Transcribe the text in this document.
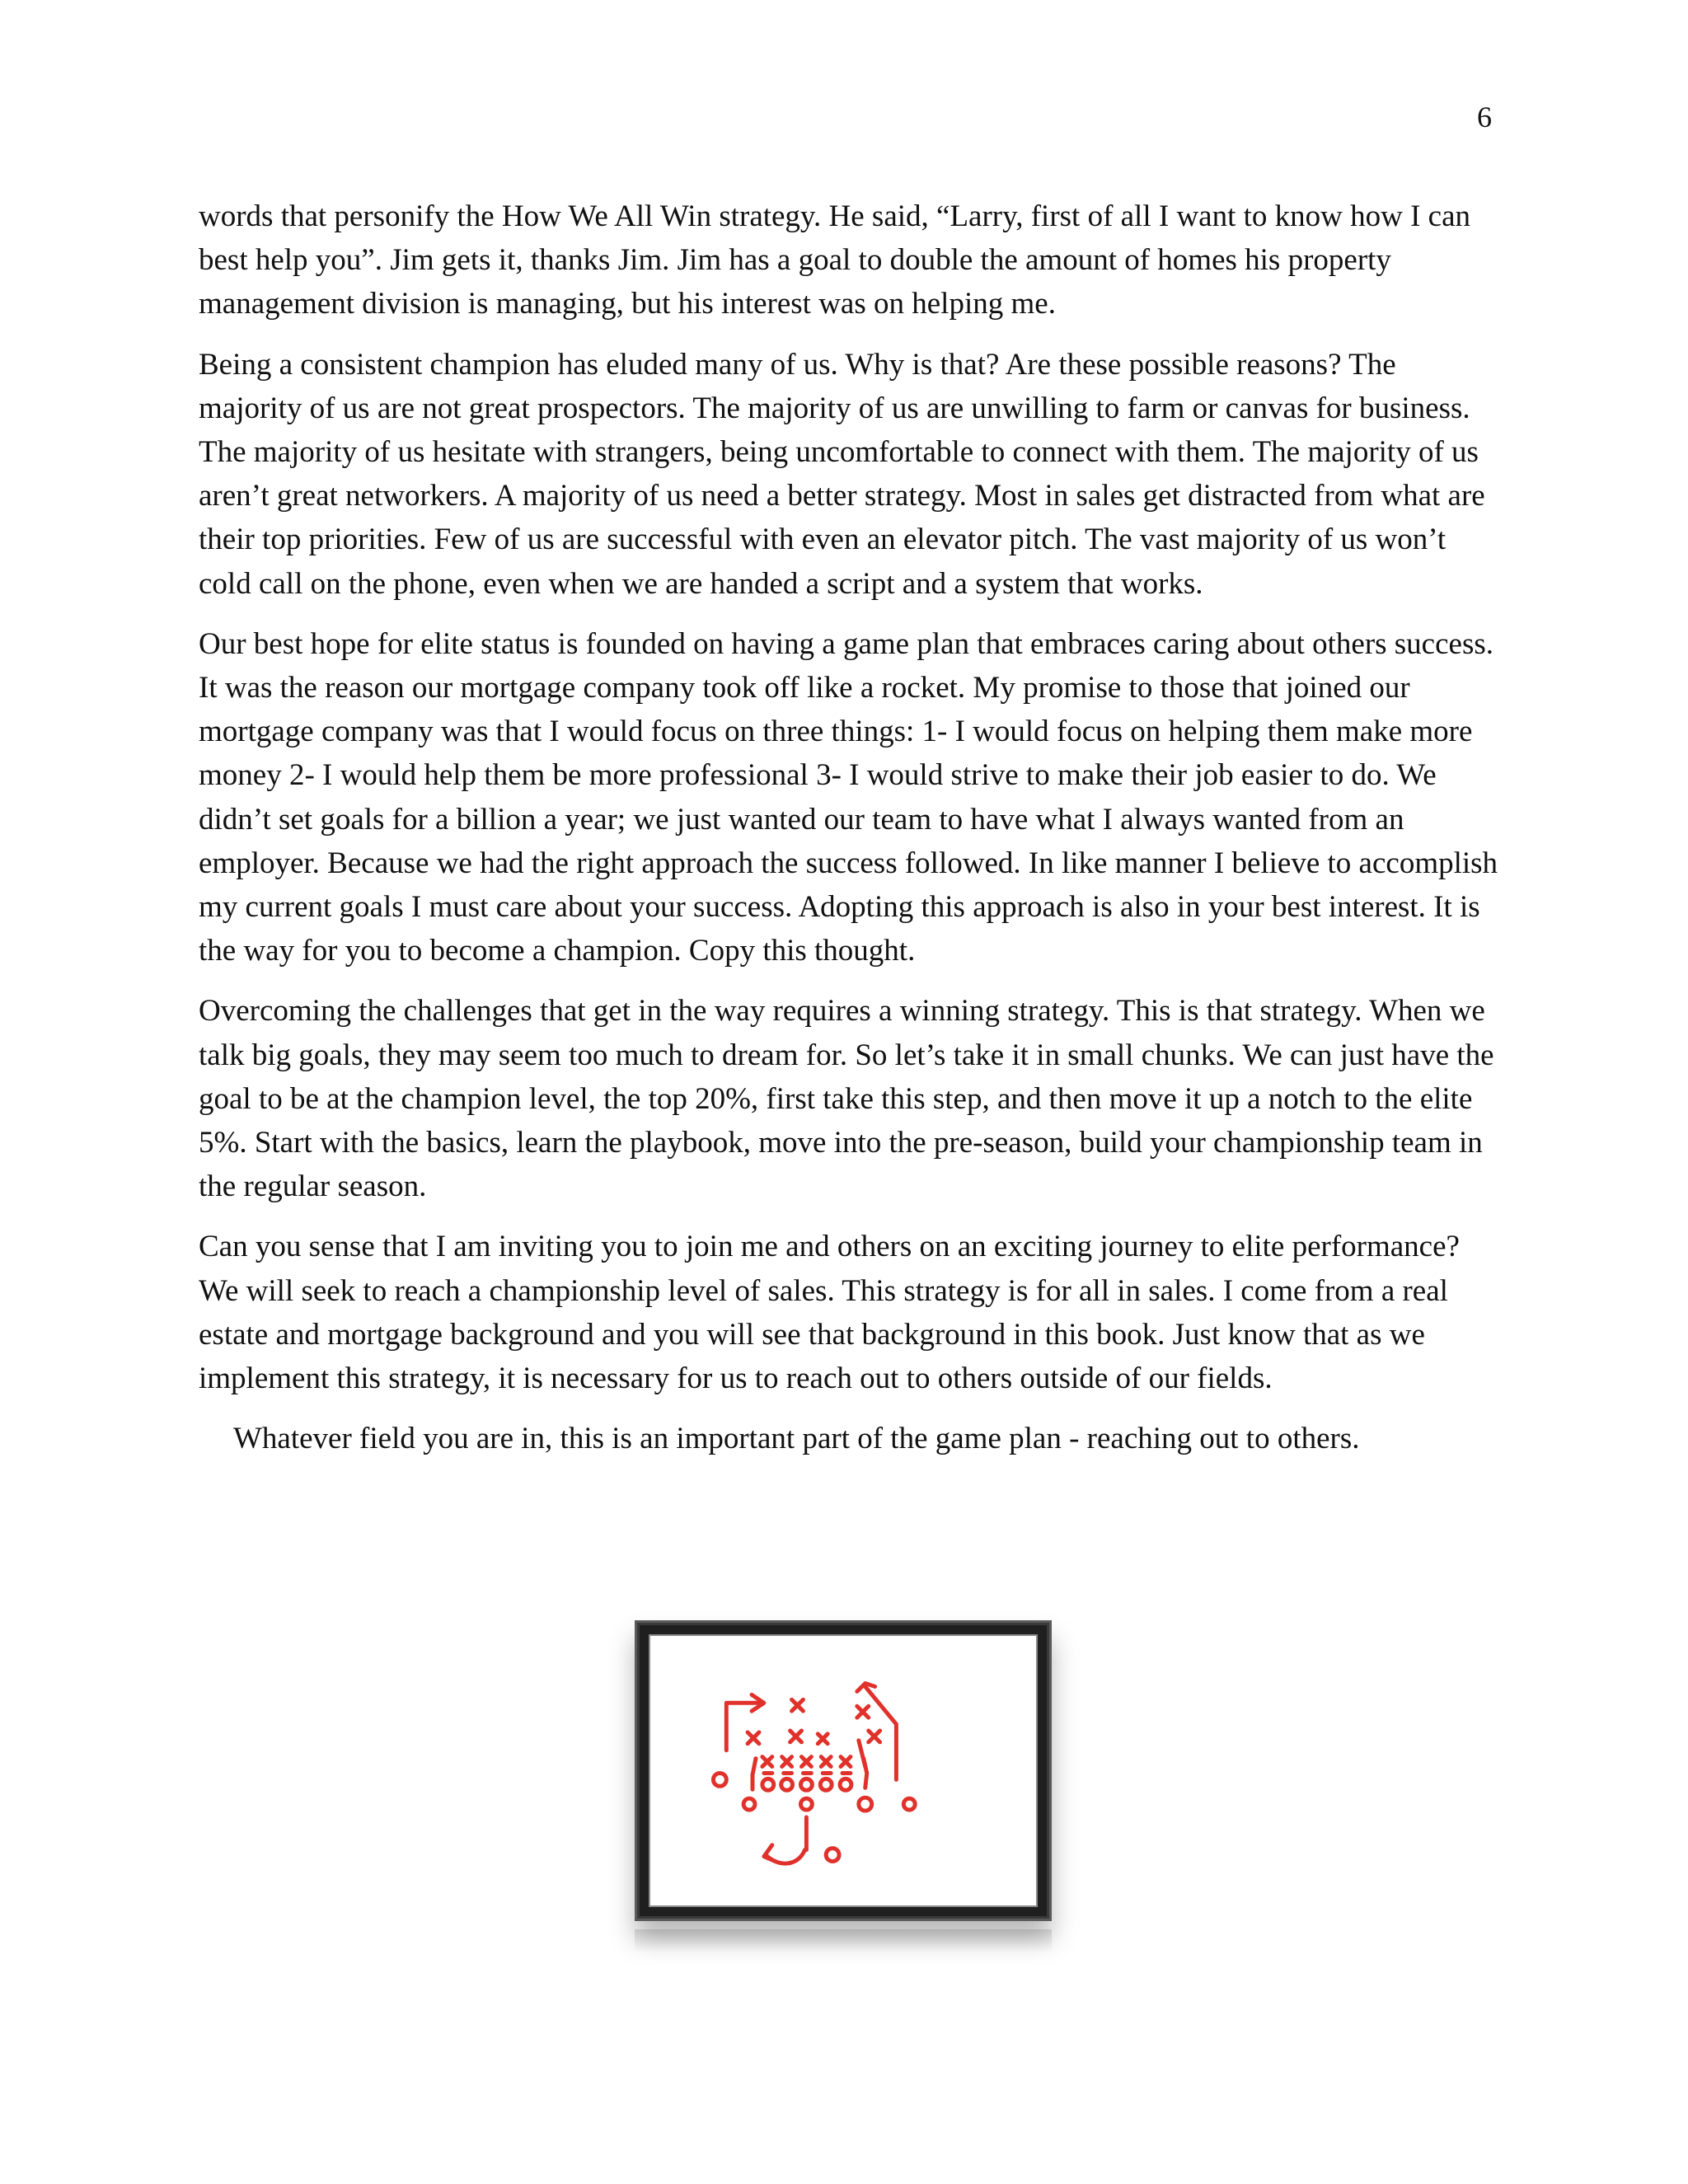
6

words that personify the How We All Win strategy. He said, “Larry, first of all I want to know how I can best help you”. Jim gets it, thanks Jim. Jim has a goal to double the amount of homes his property management division is managing, but his interest was on helping me.

Being a consistent champion has eluded many of us. Why is that? Are these possible reasons? The majority of us are not great prospectors. The majority of us are unwilling to farm or canvas for business. The majority of us hesitate with strangers, being uncomfortable to connect with them. The majority of us aren’t great networkers. A majority of us need a better strategy. Most in sales get distracted from what are their top priorities. Few of us are successful with even an elevator pitch. The vast majority of us won’t cold call on the phone, even when we are handed a script and a system that works.

Our best hope for elite status is founded on having a game plan that embraces caring about others success. It was the reason our mortgage company took off like a rocket. My promise to those that joined our mortgage company was that I would focus on three things: 1- I would focus on helping them make more money 2- I would help them be more professional 3- I would strive to make their job easier to do. We didn’t set goals for a billion a year; we just wanted our team to have what I always wanted from an employer. Because we had the right approach the success followed. In like manner I believe to accomplish my current goals I must care about your success. Adopting this approach is also in your best interest. It is the way for you to become a champion. Copy this thought.

Overcoming the challenges that get in the way requires a winning strategy. This is that strategy. When we talk big goals, they may seem too much to dream for. So let’s take it in small chunks. We can just have the goal to be at the champion level, the top 20%, first take this step, and then move it up a notch to the elite 5%. Start with the basics, learn the playbook, move into the pre-season, build your championship team in the regular season.

Can you sense that I am inviting you to join me and others on an exciting journey to elite performance? We will seek to reach a championship level of sales. This strategy is for all in sales. I come from a real estate and mortgage background and you will see that background in this book. Just know that as we implement this strategy, it is necessary for us to reach out to others outside of our fields.

Whatever field you are in, this is an important part of the game plan - reaching out to others.
